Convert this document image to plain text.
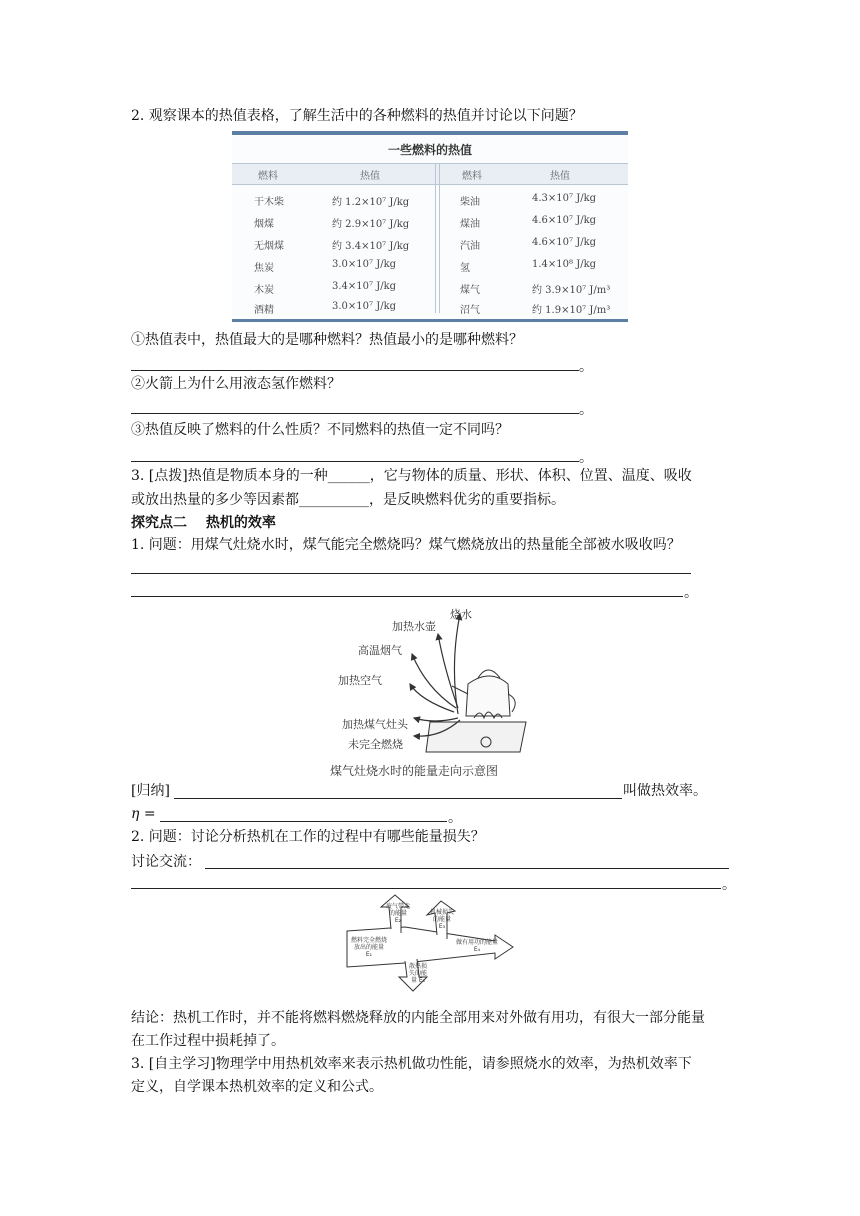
2. 观察课本的热值表格，了解生活中的各种燃料的热值并讨论以下问题？
一些燃料的热值
燃料	热值	燃料	热值
干木柴	约 1.2×10⁷ J/kg	柴油	4.3×10⁷ J/kg
烟煤	约 2.9×10⁷ J/kg	煤油	4.6×10⁷ J/kg
无烟煤	约 3.4×10⁷ J/kg	汽油	4.6×10⁷ J/kg
焦炭	3.0×10⁷ J/kg	氢	1.4×10⁸ J/kg
木炭	3.4×10⁷ J/kg	煤气	约 3.9×10⁷ J/m³
酒精	3.0×10⁷ J/kg	沼气	约 1.9×10⁷ J/m³
①热值表中，热值最大的是哪种燃料？热值最小的是哪种燃料？
。
②火箭上为什么用液态氢作燃料？
。
③热值反映了燃料的什么性质？不同燃料的热值一定不同吗？
。
3. [点拨]热值是物质本身的一种______，它与物体的质量、形状、体积、位置、温度、吸收
或放出热量的多少等因素都__________，是反映燃料优劣的重要指标。
探究点二　 热机的效率
1. 问题：用煤气灶烧水时，煤气能完全燃烧吗？煤气燃烧放出的热量能全部被水吸收吗？
。
烧水
加热水壶
高温烟气
加热空气
加热煤气灶头
未完全燃烧
煤气灶烧水时的能量走向示意图
[归纳]	叫做热效率。
η =	。
2. 问题：讨论分析热机在工作的过程中有哪些能量损失？
讨论交流：
。
燃料完全燃烧放出的能量 E₁
废气带走的能量 E₂
机械损失的能量 E₃
做有用功的能量 E₄
散热损失的能量 E₅
结论：热机工作时，并不能将燃料燃烧释放的内能全部用来对外做有用功，有很大一部分能量
在工作过程中损耗掉了。
3. [自主学习]物理学中用热机效率来表示热机做功性能，请参照烧水的效率，为热机效率下
定义，自学课本热机效率的定义和公式。
